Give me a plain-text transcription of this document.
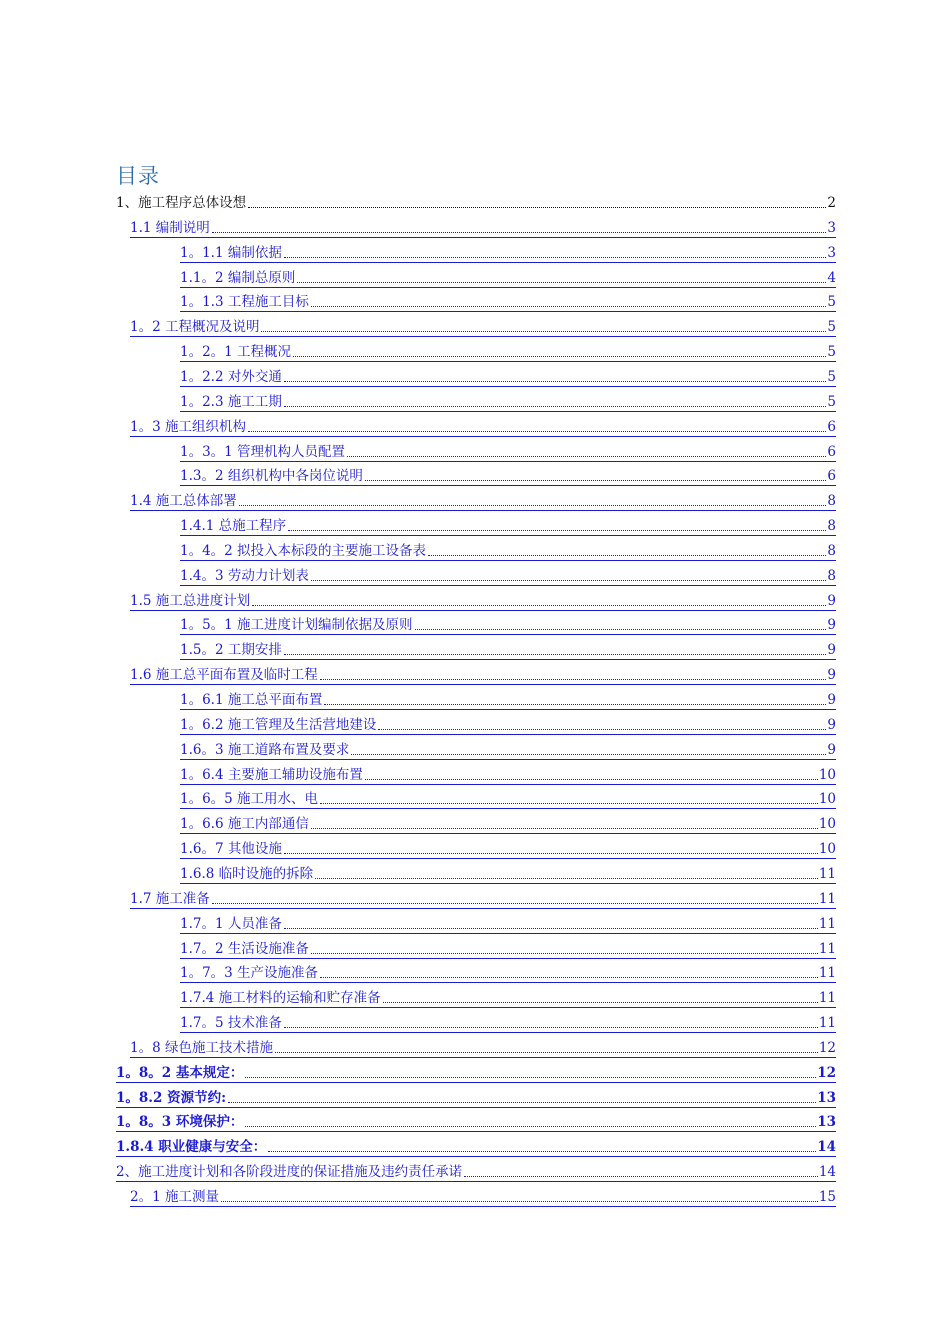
目录
1、施工程序总体设想	2
1.1 编制说明	3
1。1.1 编制依据	3
1.1。2 编制总原则	4
1。1.3 工程施工目标	5
1。2 工程概况及说明	5
1。2。1 工程概况	5
1。2.2 对外交通	5
1。2.3 施工工期	5
1。3 施工组织机构	6
1。3。1 管理机构人员配置	6
1.3。2 组织机构中各岗位说明	6
1.4 施工总体部署	8
1.4.1 总施工程序	8
1。4。2 拟投入本标段的主要施工设备表	8
1.4。3 劳动力计划表	8
1.5 施工总进度计划	9
1。5。1 施工进度计划编制依据及原则	9
1.5。2 工期安排	9
1.6 施工总平面布置及临时工程	9
1。6.1 施工总平面布置	9
1。6.2 施工管理及生活营地建设	9
1.6。3 施工道路布置及要求	9
1。6.4 主要施工辅助设施布置	10
1。6。5 施工用水、电	10
1。6.6 施工内部通信	10
1.6。7 其他设施	10
1.6.8 临时设施的拆除	11
1.7 施工准备	11
1.7。1 人员准备	11
1.7。2 生活设施准备	11
1。7。3 生产设施准备	11
1.7.4 施工材料的运输和贮存准备	11
1.7。5 技术准备	11
1。8 绿色施工技术措施	12
1。8。2 基本规定：	12
1。8.2 资源节约:	13
1。8。3 环境保护：	13
1.8.4 职业健康与安全：	14
2、施工进度计划和各阶段进度的保证措施及违约责任承诺	14
2。1 施工测量	15
